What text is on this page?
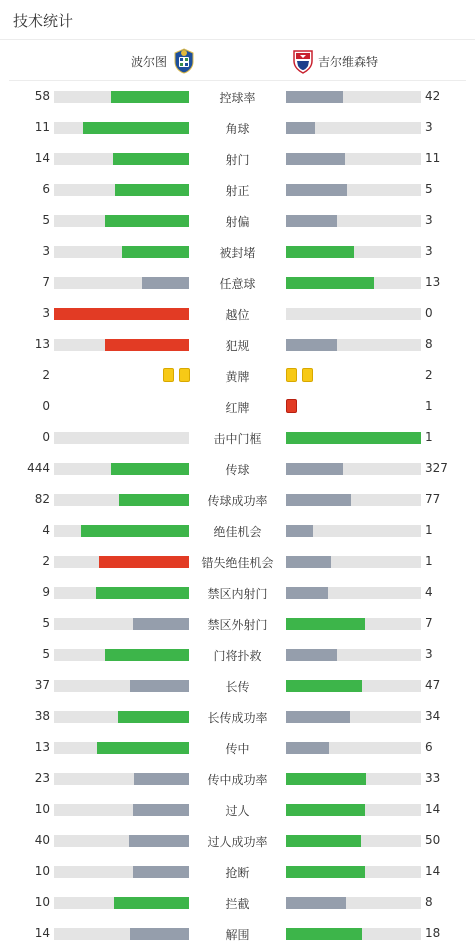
技术统计
波尔图	吉尔维森特
58	控球率	42
11	角球	3
14	射门	11
6	射正	5
5	射偏	3
3	被封堵	3
7	任意球	13
3	越位	0
13	犯规	8
2	黄牌	2
0	红牌	1
0	击中门框	1
444	传球	327
82	传球成功率	77
4	绝佳机会	1
2	错失绝佳机会	1
9	禁区内射门	4
5	禁区外射门	7
5	门将扑救	3
37	长传	47
38	长传成功率	34
13	传中	6
23	传中成功率	33
10	过人	14
40	过人成功率	50
10	抢断	14
10	拦截	8
14	解围	18
